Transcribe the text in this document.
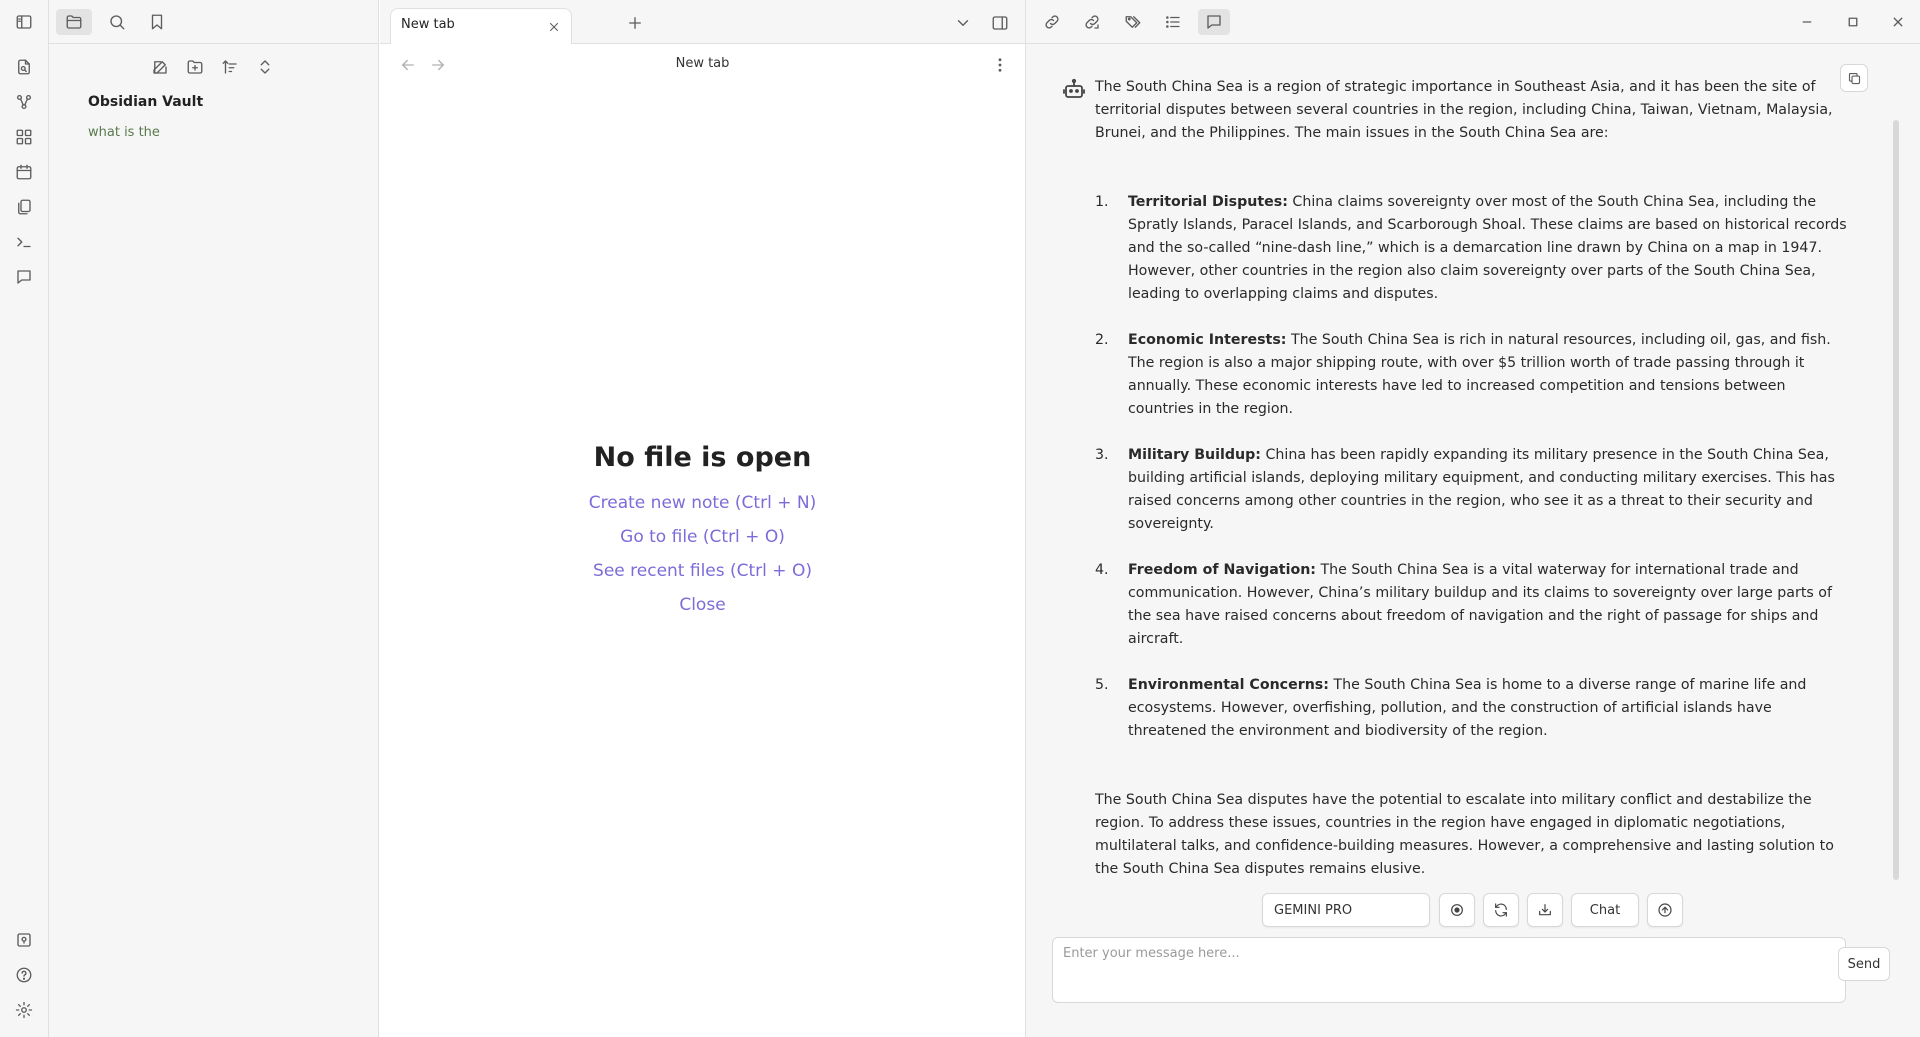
Obsidian Vault
what is the
New tab
New tab
No file is open
Create new note (Ctrl + N)
Go to file (Ctrl + O)
See recent files (Ctrl + O)
Close

The South China Sea is a region of strategic importance in Southeast Asia, and it has been the site of territorial disputes between several countries in the region, including China, Taiwan, Vietnam, Malaysia, Brunei, and the Philippines. The main issues in the South China Sea are:

1. Territorial Disputes: China claims sovereignty over most of the South China Sea, including the Spratly Islands, Paracel Islands, and Scarborough Shoal. These claims are based on historical records and the so-called “nine-dash line,” which is a demarcation line drawn by China on a map in 1947. However, other countries in the region also claim sovereignty over parts of the South China Sea, leading to overlapping claims and disputes.
2. Economic Interests: The South China Sea is rich in natural resources, including oil, gas, and fish. The region is also a major shipping route, with over $5 trillion worth of trade passing through it annually. These economic interests have led to increased competition and tensions between countries in the region.
3. Military Buildup: China has been rapidly expanding its military presence in the South China Sea, building artificial islands, deploying military equipment, and conducting military exercises. This has raised concerns among other countries in the region, who see it as a threat to their security and sovereignty.
4. Freedom of Navigation: The South China Sea is a vital waterway for international trade and communication. However, China’s military buildup and its claims to sovereignty over large parts of the sea have raised concerns about freedom of navigation and the right of passage for ships and aircraft.
5. Environmental Concerns: The South China Sea is home to a diverse range of marine life and ecosystems. However, overfishing, pollution, and the construction of artificial islands have threatened the environment and biodiversity of the region.

The South China Sea disputes have the potential to escalate into military conflict and destabilize the region. To address these issues, countries in the region have engaged in diplomatic negotiations, multilateral talks, and confidence-building measures. However, a comprehensive and lasting solution to the South China Sea disputes remains elusive.

GEMINI PRO	Chat
Enter your message here...
Send
